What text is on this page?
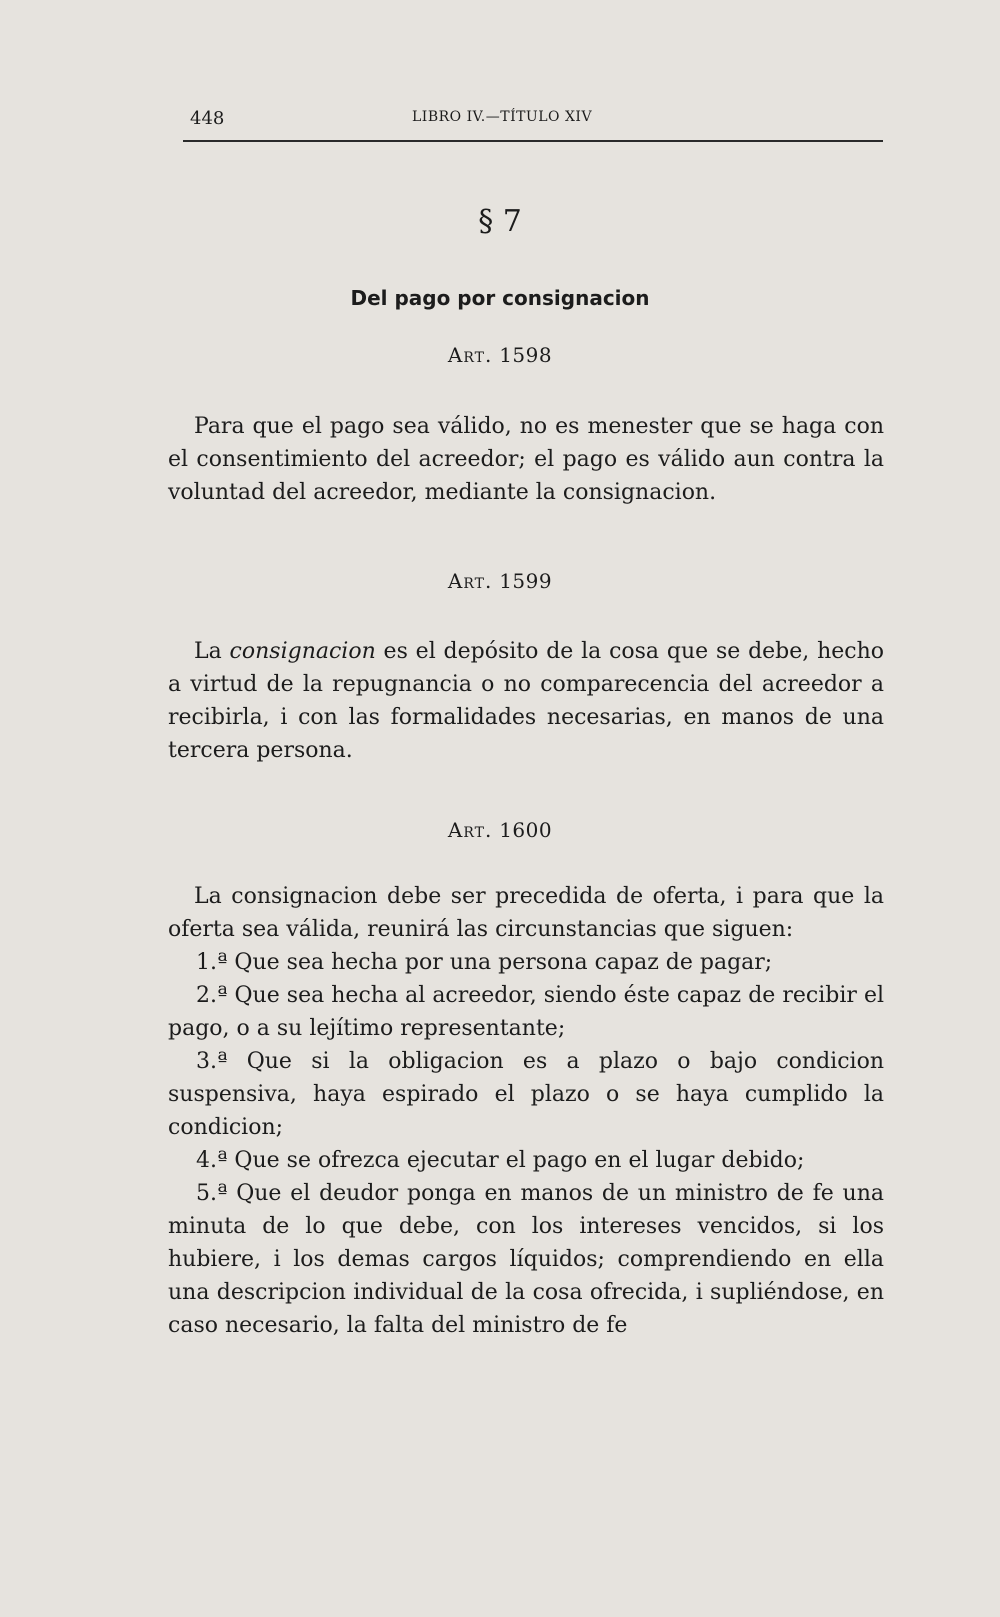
448	LIBRO IV.—TÍTULO XIV
§ 7
Del pago por consignacion
Art. 1598

Para que el pago sea válido, no es menester que se haga con el consentimiento del acreedor; el pago es válido aun contra la voluntad del acreedor, mediante la consignacion.

Art. 1599

La consignacion es el depósito de la cosa que se debe, hecho a virtud de la repugnancia o no comparecencia del acreedor a recibirla, i con las formalidades necesarias, en manos de una tercera persona.

Art. 1600

La consignacion debe ser precedida de oferta, i para que la oferta sea válida, reunirá las circunstancias que siguen:

1.ª Que sea hecha por una persona capaz de pagar;

2.ª Que sea hecha al acreedor, siendo éste capaz de recibir el pago, o a su lejítimo representante;

3.ª Que si la obligacion es a plazo o bajo condicion suspensiva, haya espirado el plazo o se haya cumplido la condicion;

4.ª Que se ofrezca ejecutar el pago en el lugar debido;

5.ª Que el deudor ponga en manos de un ministro de fe una minuta de lo que debe, con los intereses vencidos, si los hubiere, i los demas cargos líquidos; comprendiendo en ella una descripcion individual de la cosa ofrecida, i supliéndose, en caso necesario, la falta del ministro de fe
